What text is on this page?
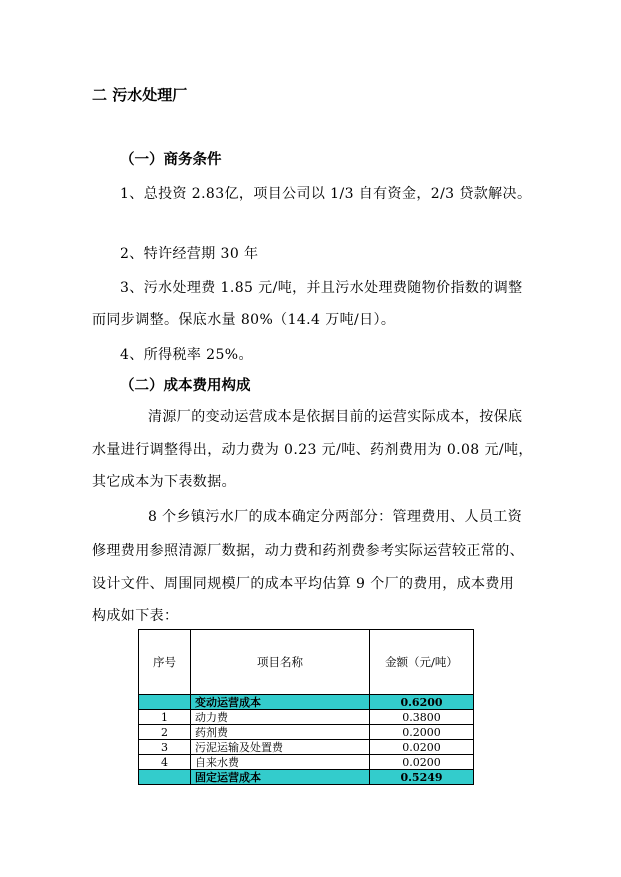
二 污水处理厂
（一）商务条件
1、总投资 2.83亿，项目公司以 1/3 自有资金，2/3 贷款解决。
2、特许经营期 30 年
3、污水处理费 1.85 元/吨，并且污水处理费随物价指数的调整
而同步调整。保底水量 80%（14.4 万吨/日）。
4、所得税率 25%。
（二）成本费用构成
清源厂的变动运营成本是依据目前的运营实际成本，按保底
水量进行调整得出，动力费为 0.23 元/吨、药剂费用为 0.08 元/吨，
其它成本为下表数据。
8 个乡镇污水厂的成本确定分两部分：管理费用、人员工资
修理费用参照清源厂数据，动力费和药剂费参考实际运营较正常的、
设计文件、周围同规模厂的成本平均估算 9 个厂的费用，成本费用
构成如下表：
序号	项目名称	金额（元/吨）
	变动运营成本	0.6200
1	动力费	0.3800
2	药剂费	0.2000
3	污泥运输及处置费	0.0200
4	自来水费	0.0200
	固定运营成本	0.5249
